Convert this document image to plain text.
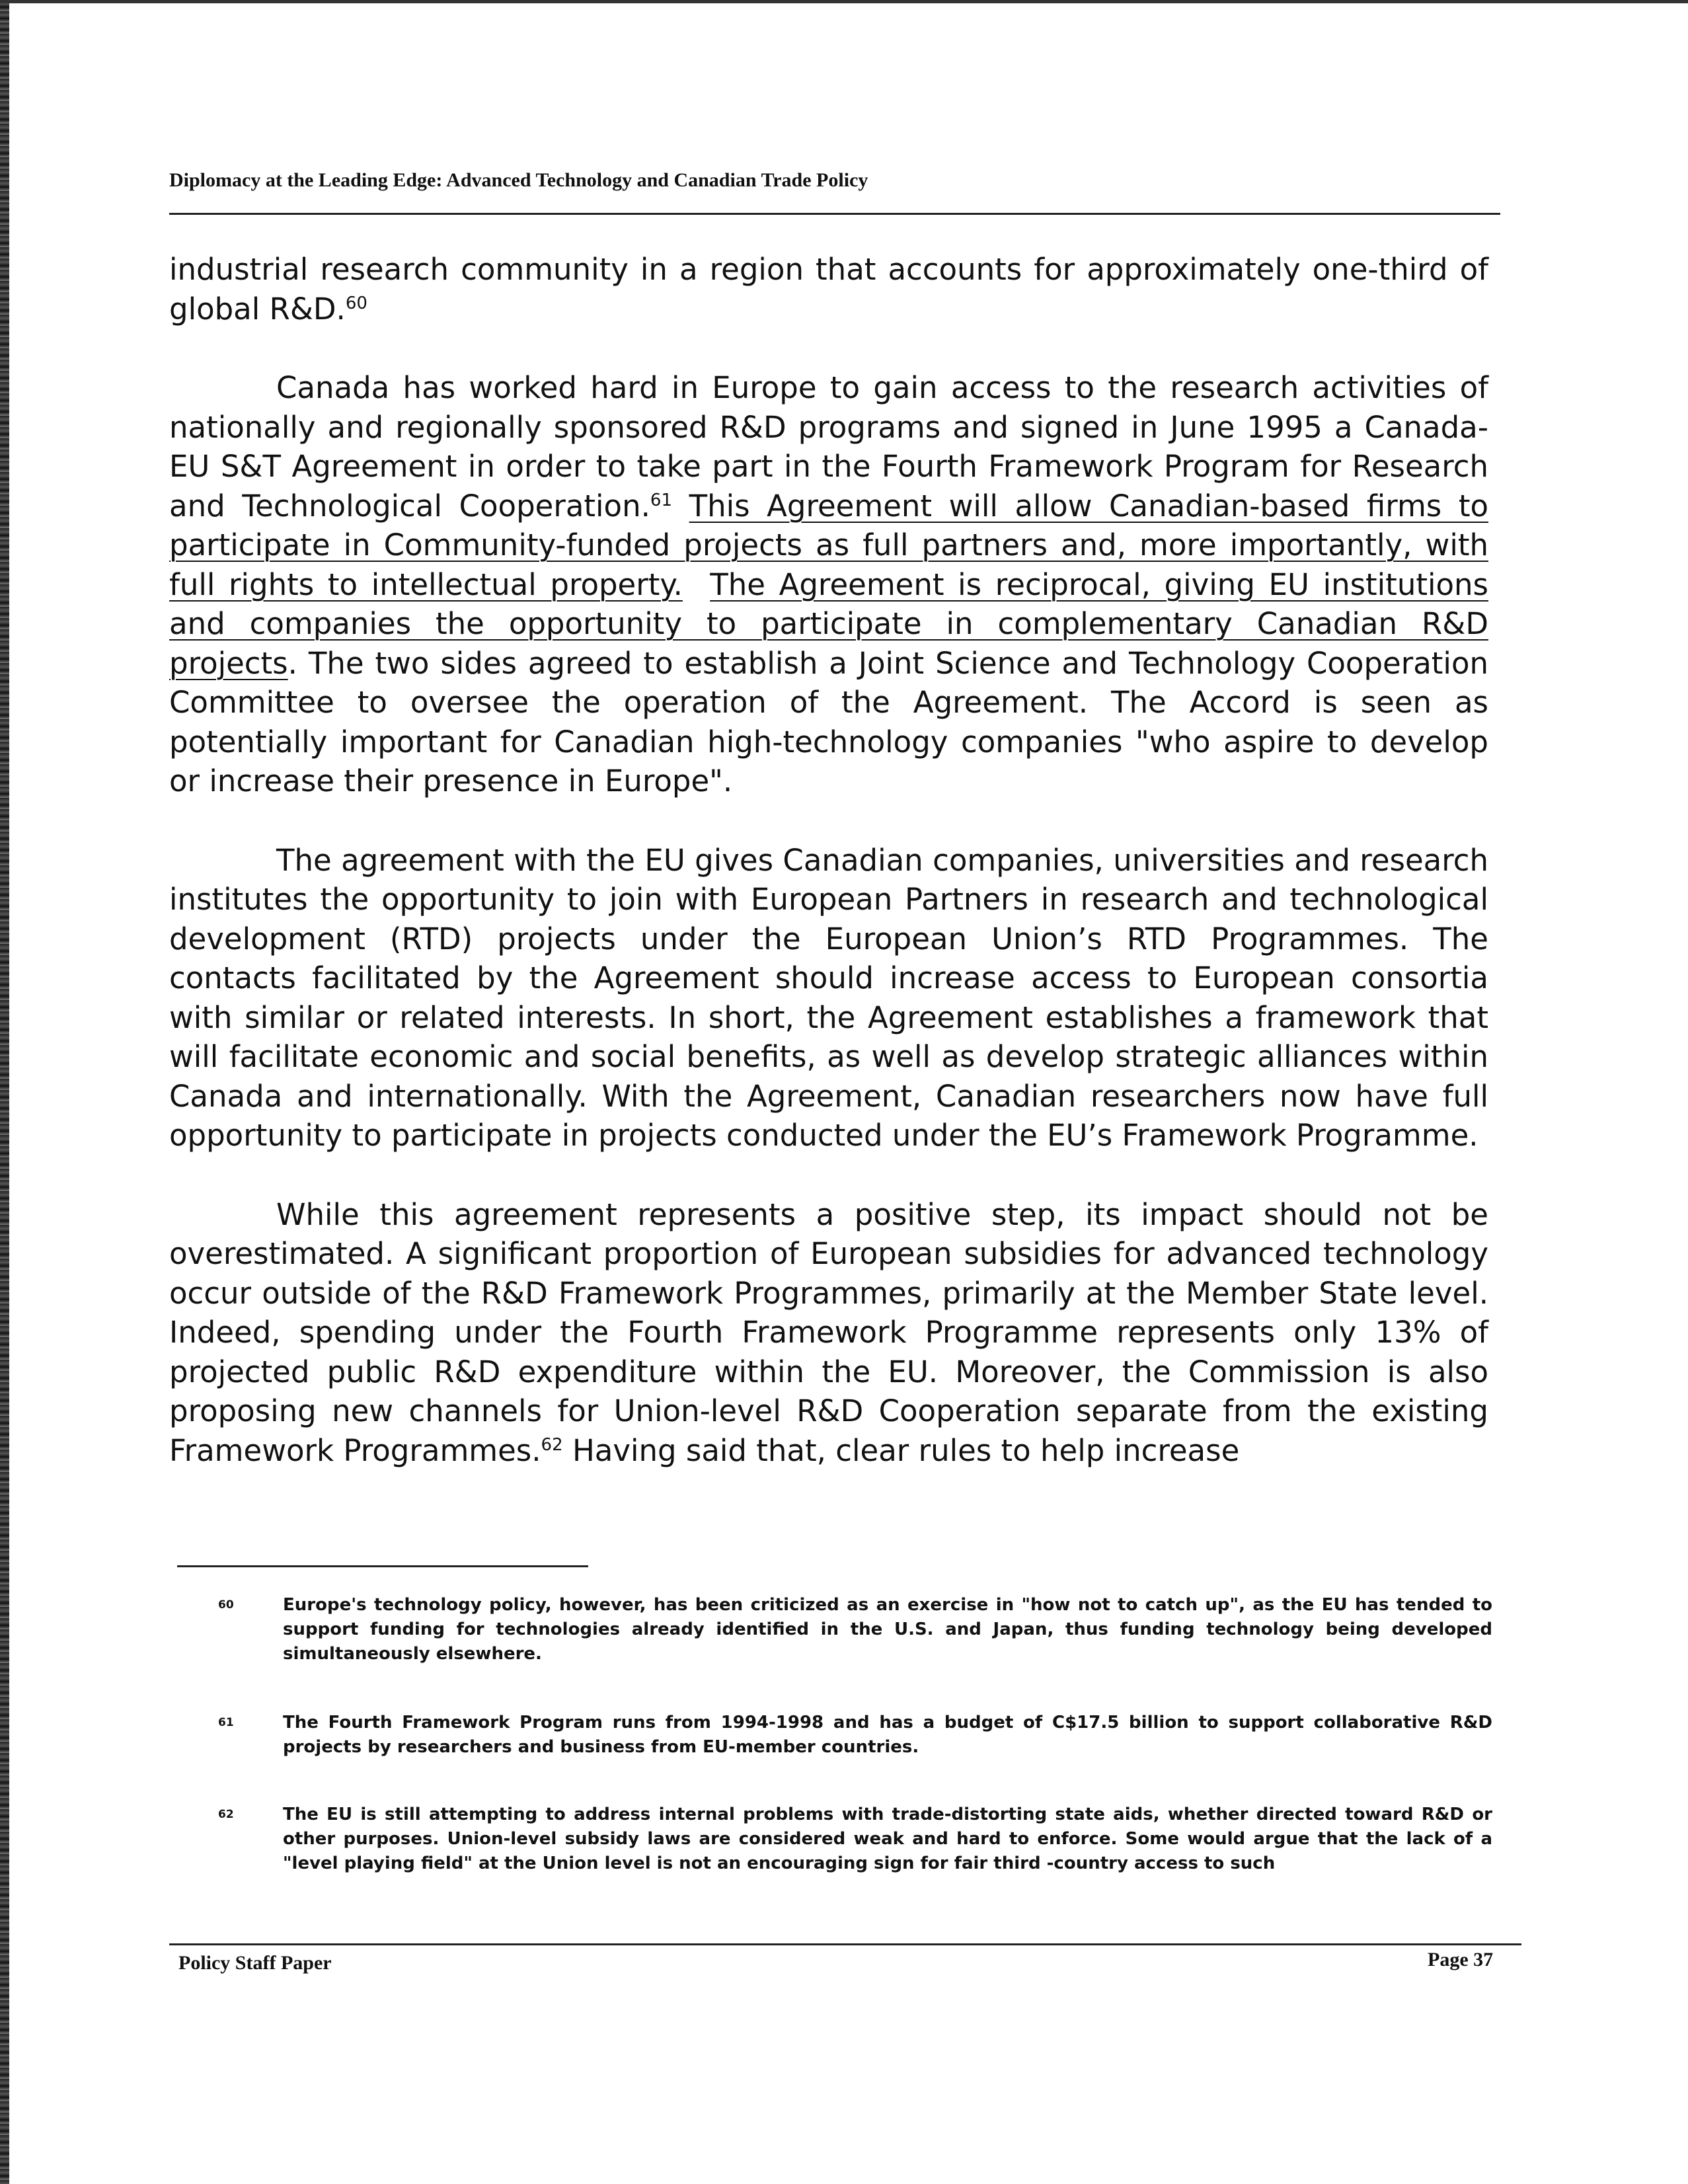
Diplomacy at the Leading Edge: Advanced Technology and Canadian Trade Policy

industrial research community in a region that accounts for approximately one-third of global R&D.$^{60}$

Canada has worked hard in Europe to gain access to the research activities of nationally and regionally sponsored R&D programs and signed in June 1995 a Canada-EU S&T Agreement in order to take part in the Fourth Framework Program for Research and Technological Cooperation.$^{61}$ This Agreement will allow Canadian-based firms to participate in Community-funded projects as full partners and, more importantly, with full rights to intellectual property. The Agreement is reciprocal, giving EU institutions and companies the opportunity to participate in complementary Canadian R&D projects. The two sides agreed to establish a Joint Science and Technology Cooperation Committee to oversee the operation of the Agreement. The Accord is seen as potentially important for Canadian high-technology companies "who aspire to develop or increase their presence in Europe".

The agreement with the EU gives Canadian companies, universities and research institutes the opportunity to join with European Partners in research and technological development (RTD) projects under the European Union’s RTD Programmes. The contacts facilitated by the Agreement should increase access to European consortia with similar or related interests. In short, the Agreement establishes a framework that will facilitate economic and social benefits, as well as develop strategic alliances within Canada and internationally. With the Agreement, Canadian researchers now have full opportunity to participate in projects conducted under the EU’s Framework Programme.

While this agreement represents a positive step, its impact should not be overestimated. A significant proportion of European subsidies for advanced technology occur outside of the R&D Framework Programmes, primarily at the Member State level. Indeed, spending under the Fourth Framework Programme represents only 13% of projected public R&D expenditure within the EU. Moreover, the Commission is also proposing new channels for Union-level R&D Cooperation separate from the existing Framework Programmes.$^{62}$ Having said that, clear rules to help increase

60	Europe's technology policy, however, has been criticized as an exercise in "how not to catch up", as the EU has tended to support funding for technologies already identified in the U.S. and Japan, thus funding technology being developed simultaneously elsewhere.
61	The Fourth Framework Program runs from 1994-1998 and has a budget of C$17.5 billion to support collaborative R&D projects by researchers and business from EU-member countries.
62	The EU is still attempting to address internal problems with trade-distorting state aids, whether directed toward R&D or other purposes. Union-level subsidy laws are considered weak and hard to enforce. Some would argue that the lack of a "level playing field" at the Union level is not an encouraging sign for fair third -country access to such
Policy Staff Paper	Page 37
